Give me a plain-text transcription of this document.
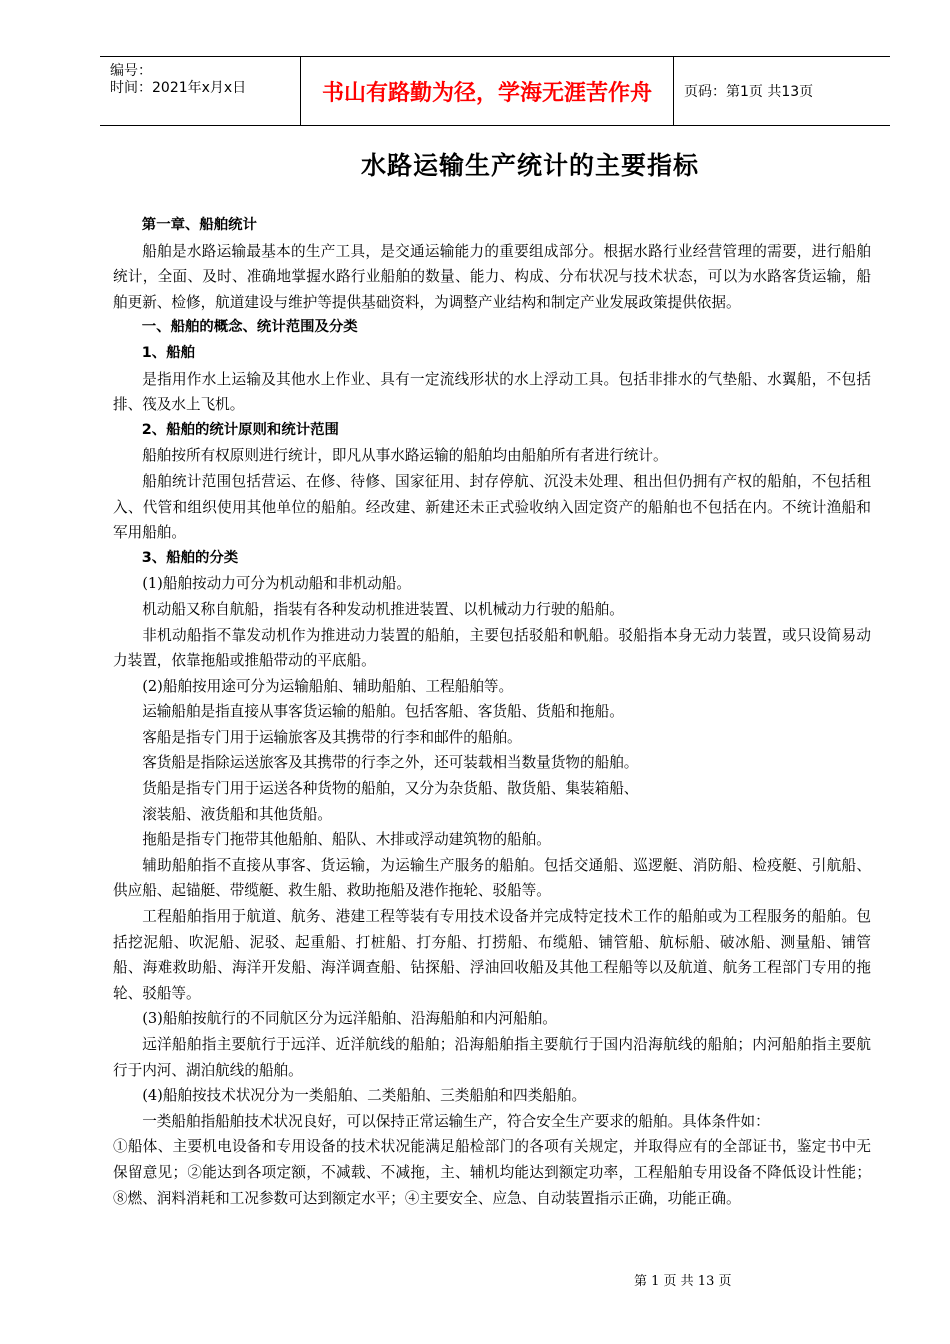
编号：
时间：2021年x月x日	书山有路勤为径，学海无涯苦作舟	页码：第1页 共13页
水路运输生产统计的主要指标

第一章、船舶统计

船舶是水路运输最基本的生产工具，是交通运输能力的重要组成部分。根据水路行业经营管理的需要，进行船舶统计，全面、及时、准确地掌握水路行业船舶的数量、能力、构成、分布状况与技术状态，可以为水路客货运输，船舶更新、检修，航道建设与维护等提供基础资料，为调整产业结构和制定产业发展政策提供依据。

一、船舶的概念、统计范围及分类

1、船舶

是指用作水上运输及其他水上作业、具有一定流线形状的水上浮动工具。包括非排水的气垫船、水翼船，不包括排、筏及水上飞机。

2、船舶的统计原则和统计范围

船舶按所有权原则进行统计，即凡从事水路运输的船舶均由船舶所有者进行统计。

船舶统计范围包括营运、在修、待修、国家征用、封存停航、沉没未处理、租出但仍拥有产权的船舶，不包括租入、代管和组织使用其他单位的船舶。经改建、新建还未正式验收纳入固定资产的船舶也不包括在内。不统计渔船和军用船舶。

3、船舶的分类

(1)船舶按动力可分为机动船和非机动船。

机动船又称自航船，指装有各种发动机推进装置、以机械动力行驶的船舶。

非机动船指不靠发动机作为推进动力装置的船舶，主要包括驳船和帆船。驳船指本身无动力装置，或只设简易动力装置，依靠拖船或推船带动的平底船。

(2)船舶按用途可分为运输船舶、辅助船舶、工程船舶等。

运输船舶是指直接从事客货运输的船舶。包括客船、客货船、货船和拖船。

客船是指专门用于运输旅客及其携带的行李和邮件的船舶。

客货船是指除运送旅客及其携带的行李之外，还可装载相当数量货物的船舶。

货船是指专门用于运送各种货物的船舶，又分为杂货船、散货船、集装箱船、

滚装船、液货船和其他货船。

拖船是指专门拖带其他船舶、船队、木排或浮动建筑物的船舶。

辅助船舶指不直接从事客、货运输，为运输生产服务的船舶。包括交通船、巡逻艇、消防船、检疫艇、引航船、供应船、起锚艇、带缆艇、救生船、救助拖船及港作拖轮、驳船等。

工程船舶指用于航道、航务、港建工程等装有专用技术设备并完成特定技术工作的船舶或为工程服务的船舶。包括挖泥船、吹泥船、泥驳、起重船、打桩船、打夯船、打捞船、布缆船、铺管船、航标船、破冰船、测量船、铺管船、海难救助船、海洋开发船、海洋调查船、钻探船、浮油回收船及其他工程船等以及航道、航务工程部门专用的拖轮、驳船等。

(3)船舶按航行的不同航区分为远洋船舶、沿海船舶和内河船舶。

远洋船舶指主要航行于远洋、近洋航线的船舶；沿海船舶指主要航行于国内沿海航线的船舶；内河船舶指主要航行于内河、湖泊航线的船舶。

(4)船舶按技术状况分为一类船舶、二类船舶、三类船舶和四类船舶。

一类船舶指船舶技术状况良好，可以保持正常运输生产，符合安全生产要求的船舶。具体条件如：

①船体、主要机电设备和专用设备的技术状况能满足船检部门的各项有关规定，并取得应有的全部证书，鉴定书中无保留意见；②能达到各项定额，不减载、不减拖，主、辅机均能达到额定功率，工程船舶专用设备不降低设计性能；⑧燃、润料消耗和工况参数可达到额定水平；④主要安全、应急、自动装置指示正确，功能正确。

第 1 页 共 13 页
